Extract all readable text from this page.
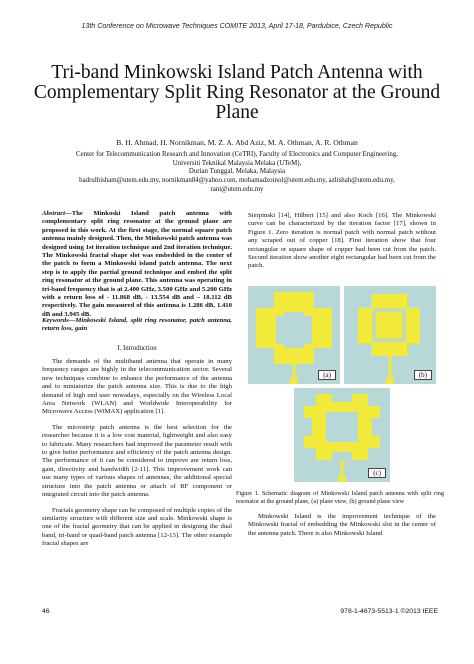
13th Conference on Microwave Techniques COMITE 2013, April 17-18, Pardubice, Czech Republic
Tri-band Minkowski Island Patch Antenna with Complementary Split Ring Resonator at the Ground Plane
B. H. Ahmad, H. Nornikman, M. Z. A. Abd Aziz, M. A. Othman, A. R. Othman
Center for Telecommunication Research and Innovation (CeTRI), Faculty of Electronics and Computer Engineering,
Universiti Teknikal Malaysia Melaka (UTeM),
Durian Tunggal, Melaka, Malaysia
badrulhisham@utem.edu.my, nornikman84@yahoo.com, mohamadzoinol@utem.edu.my, azlishah@utem.edu.my,
rani@utem.edu.my
Abstract—The Minkoski Island patch antenna with complementary split ring resonator at the ground plane are proposed in this work. At the first stage, the normal square patch antenna mainly designed. Then, the Minkowski patch antenna was designed using 1st iteration technique and 2nd iteration technique. The Minkowski fractal shape slot was embedded in the center of the patch to form a Minkowski island patch antenna. The next step is to apply the partial ground technique and embed the split ring resonator at the ground plane. This antenna was operating in tri-band frequency that is at 2.400 GHz, 3.500 GHz and 5.200 GHz with a return loss of - 11.868 dB, - 13.554 dB and – 18.112 dB respectively. The gain measured of this antenna is 1.286 dB, 1.410 dB and 3.945 dB.
Keywords—Minkowski Island, split ring resonator, patch antenna, return loss, gain
I. Introduction

The demands of the multiband antenna that operate in many frequency ranges are highly in the telecommunication sector. Several new techniques combine to enhance the performance of the antenna and to miniaturize the patch antenna size. This is due to the high demand of high end user nowadays, especially on the Wireless Local Area Network (WLAN) and Worldwide Interoperability for Microwave Access (WiMAX) application [1].

The microstrip patch antenna is the best selection for the researcher because it is a low cost material, lightweight and also easy to fabricate. Many researchers had improved the parameter result with to give better performance and efficiency of the patch antenna design. The performance of it can be considered to improve are return loss, gain, directivity and bandwidth [2-11]. This improvement work can use many types of various shapes of antennas, the additional special structure into the patch antenna or attach of RF component or integrated circuit into the patch antenna.

Fractals geometry shape can be composed of multiple copies of the similarity structure with different size and scale. Minkowski shape is one of the fractal geometry that can be applied in designing the dual band, tri-band or quad-band patch antenna [12-13]. The other example fractal shapes are

Sierpinski [14], Hilbert [15] and also Koch [16]. The Minkowski curve can be characterized by the iteration factor [17], shown in Figure 1. Zero iteration is normal patch with normal patch without any scraped out of copper [18]. First iteration show that four rectangular or square shape of copper had been cut from the patch. Second iteration show another eight rectangular had been cut from the patch.

(a)	(b)
(c)
Figure 1. Schematic diagram of Minkowski Island patch antenna with split ring resonator at the ground plane, (a) plane view, (b) ground plane view

Minkowski Island is the improvement technique of the Minkowski fractal of embedding the Minkowski slot in the center of the antenna patch. There is also Minkowski Island

46	978-1-4673-5513-1 ©2013 IEEE
